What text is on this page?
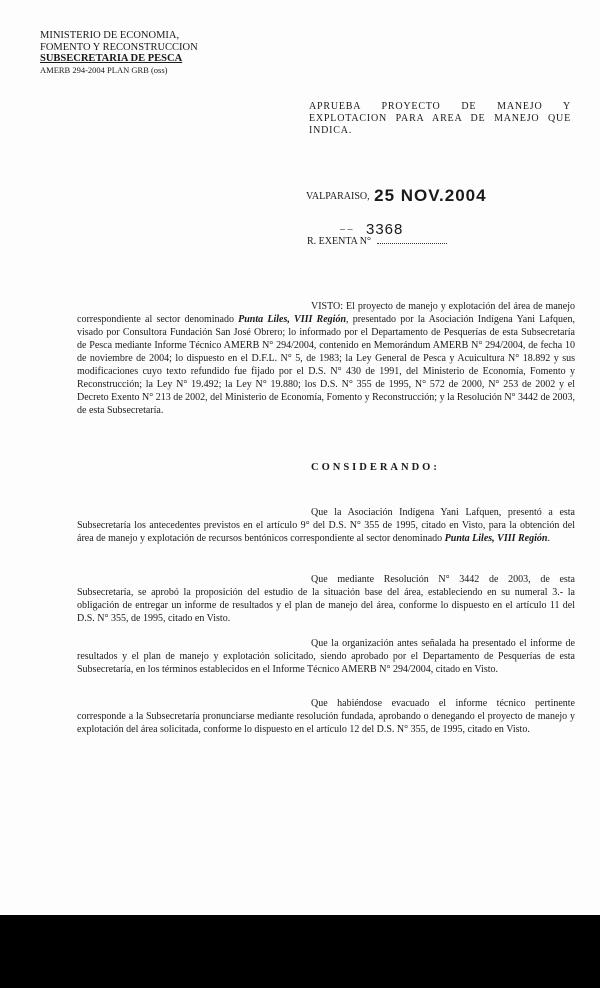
MINISTERIO DE ECONOMIA,
FOMENTO Y RECONSTRUCCION
SUBSECRETARIA DE PESCA
AMERB 294-2004 PLAN GRB (oss)
APRUEBA PROYECTO DE MANEJO Y EXPLOTACION PARA AREA DE MANEJO QUE INDICA.
VALPARAISO, 25 NOV.2004
– –
R. EXENTA N°
3368
VISTO: El proyecto de manejo y explotación del área de manejo correspondiente al sector denominado Punta Liles, VIII Región, presentado por la Asociación Indígena Yani Lafquen, visado por Consultora Fundación San José Obrero; lo informado por el Departamento de Pesquerías de esta Subsecretaría de Pesca mediante Informe Técnico AMERB N° 294/2004, contenido en Memorándum AMERB N° 294/2004, de fecha 10 de noviembre de 2004; lo dispuesto en el D.F.L. N° 5, de 1983; la Ley General de Pesca y Acuicultura N° 18.892 y sus modificaciones cuyo texto refundido fue fijado por el D.S. N° 430 de 1991, del Ministerio de Economía, Fomento y Reconstrucción; la Ley N° 19.492; la Ley N° 19.880; los D.S. N° 355 de 1995, N° 572 de 2000, N° 253 de 2002 y el Decreto Exento N° 213 de 2002, del Ministerio de Economía, Fomento y Reconstrucción; y la Resolución N° 3442 de 2003, de esta Subsecretaría.
CONSIDERANDO:
Que la Asociación Indígena Yani Lafquen, presentó a esta Subsecretaría los antecedentes previstos en el artículo 9° del D.S. N° 355 de 1995, citado en Visto, para la obtención del área de manejo y explotación de recursos bentónicos correspondiente al sector denominado Punta Liles, VIII Región.
Que mediante Resolución N° 3442 de 2003, de esta Subsecretaría, se aprobó la proposición del estudio de la situación base del área, estableciendo en su numeral 3.- la obligación de entregar un informe de resultados y el plan de manejo del área, conforme lo dispuesto en el artículo 11 del D.S. N° 355, de 1995, citado en Visto.
Que la organización antes señalada ha presentado el informe de resultados y el plan de manejo y explotación solicitado, siendo aprobado por el Departamento de Pesquerías de esta Subsecretaría, en los términos establecidos en el Informe Técnico AMERB N° 294/2004, citado en Visto.
Que habiéndose evacuado el informe técnico pertinente corresponde a la Subsecretaría pronunciarse mediante resolución fundada, aprobando o denegando el proyecto de manejo y explotación del área solicitada, conforme lo dispuesto en el artículo 12 del D.S. N° 355, de 1995, citado en Visto.
